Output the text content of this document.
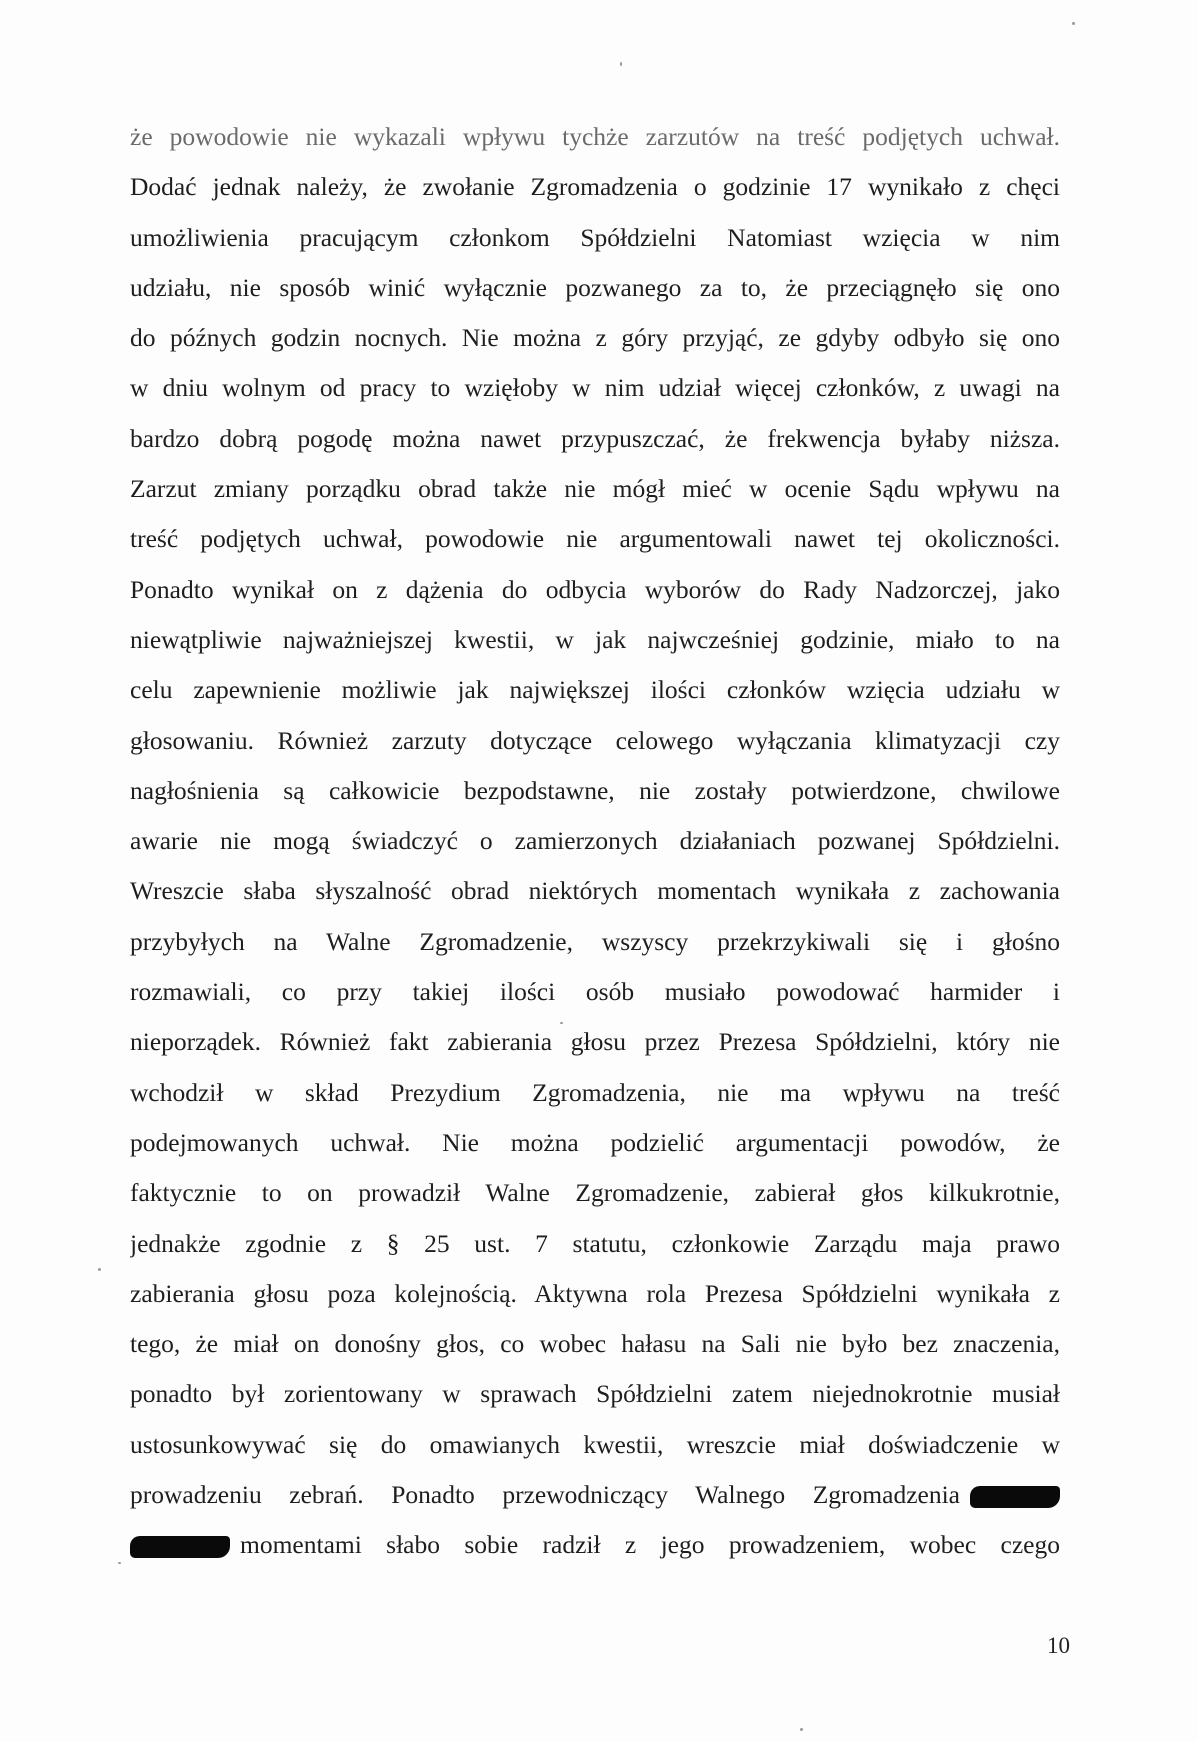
że powodowie nie wykazali wpływu tychże zarzutów na treść podjętych uchwał.
Dodać jednak należy, że zwołanie Zgromadzenia o godzinie 17 wynikało z chęci
umożliwienia pracującym członkom Spółdzielni Natomiast wzięcia w nim
udziału, nie sposób winić wyłącznie pozwanego za to, że przeciągnęło się ono
do późnych godzin nocnych. Nie można z góry przyjąć, ze gdyby odbyło się ono
w dniu wolnym od pracy to wzięłoby w nim udział więcej członków, z uwagi na
bardzo dobrą pogodę można nawet przypuszczać, że frekwencja byłaby niższa.
Zarzut zmiany porządku obrad także nie mógł mieć w ocenie Sądu wpływu na
treść podjętych uchwał, powodowie nie argumentowali nawet tej okoliczności.
Ponadto wynikał on z dążenia do odbycia wyborów do Rady Nadzorczej, jako
niewątpliwie najważniejszej kwestii, w jak najwcześniej godzinie, miało to na
celu zapewnienie możliwie jak największej ilości członków wzięcia udziału w
głosowaniu. Również zarzuty dotyczące celowego wyłączania klimatyzacji czy
nagłośnienia są całkowicie bezpodstawne, nie zostały potwierdzone, chwilowe
awarie nie mogą świadczyć o zamierzonych działaniach pozwanej Spółdzielni.
Wreszcie słaba słyszalność obrad niektórych momentach wynikała z zachowania
przybyłych na Walne Zgromadzenie, wszyscy przekrzykiwali się i głośno
rozmawiali, co przy takiej ilości osób musiało powodować harmider i
nieporządek. Również fakt zabierania głosu przez Prezesa Spółdzielni, który nie
wchodził w skład Prezydium Zgromadzenia, nie ma wpływu na treść
podejmowanych uchwał. Nie można podzielić argumentacji powodów, że
faktycznie to on prowadził Walne Zgromadzenie, zabierał głos kilkukrotnie,
jednakże zgodnie z § 25 ust. 7 statutu, członkowie Zarządu maja prawo
zabierania głosu poza kolejnością. Aktywna rola Prezesa Spółdzielni wynikała z
tego, że miał on donośny głos, co wobec hałasu na Sali nie było bez znaczenia,
ponadto był zorientowany w sprawach Spółdzielni zatem niejednokrotnie musiał
ustosunkowywać się do omawianych kwestii, wreszcie miał doświadczenie w
prowadzeniu zebrań. Ponadto przewodniczący Walnego Zgromadzenia
momentami słabo sobie radził z jego prowadzeniem, wobec czego
10
